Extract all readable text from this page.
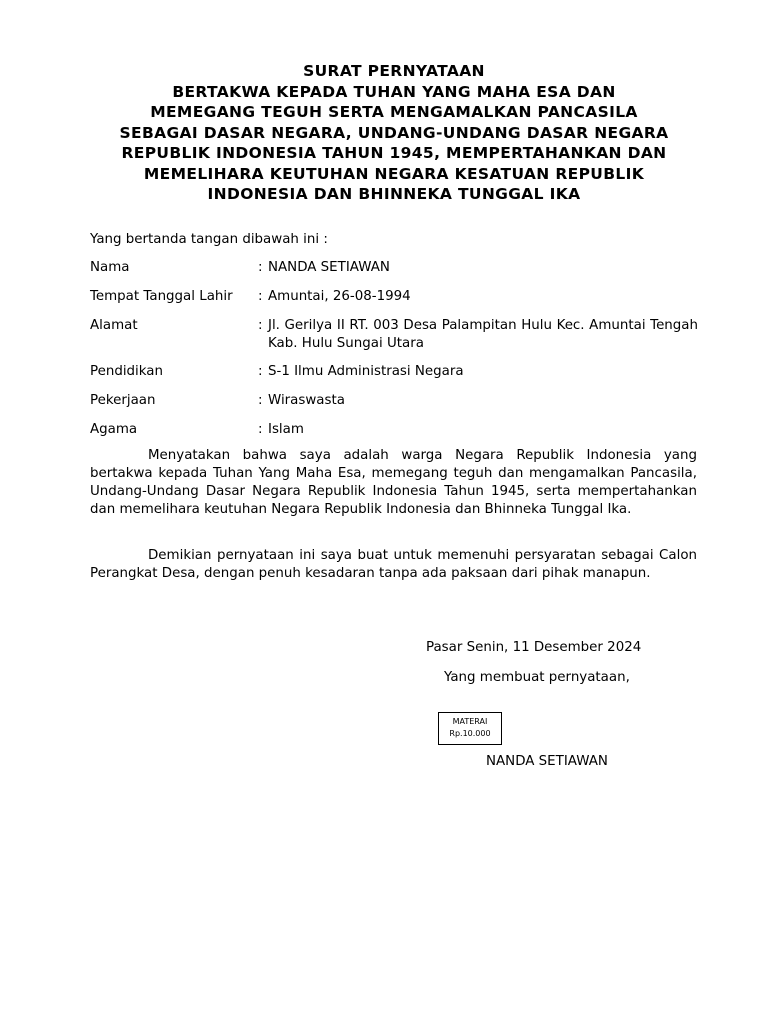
SURAT PERNYATAAN
BERTAKWA KEPADA TUHAN YANG MAHA ESA DAN
MEMEGANG TEGUH SERTA MENGAMALKAN PANCASILA
SEBAGAI DASAR NEGARA, UNDANG-UNDANG DASAR NEGARA
REPUBLIK INDONESIA TAHUN 1945, MEMPERTAHANKAN DAN
MEMELIHARA KEUTUHAN NEGARA KESATUAN REPUBLIK
INDONESIA DAN BHINNEKA TUNGGAL IKA
Yang bertanda tangan dibawah ini :
Nama	: NANDA SETIAWAN
Tempat Tanggal Lahir : Amuntai, 26-08-1994
Alamat	: Jl. Gerilya II RT. 003 Desa Palampitan Hulu Kec. Amuntai Tengah Kab. Hulu Sungai Utara
Pendidikan	: S-1 Ilmu Administrasi Negara
Pekerjaan	: Wiraswasta
Agama	: Islam
Menyatakan bahwa saya adalah warga Negara Republik Indonesia yang bertakwa kepada Tuhan Yang Maha Esa, memegang teguh dan mengamalkan Pancasila, Undang-Undang Dasar Negara Republik Indonesia Tahun 1945, serta mempertahankan dan memelihara keutuhan Negara Republik Indonesia dan Bhinneka Tunggal Ika.
Demikian pernyataan ini saya buat untuk memenuhi persyaratan sebagai Calon Perangkat Desa, dengan penuh kesadaran tanpa ada paksaan dari pihak manapun.
Pasar Senin, 11 Desember 2024
Yang membuat pernyataan,
MATERAI
Rp.10.000
NANDA SETIAWAN
